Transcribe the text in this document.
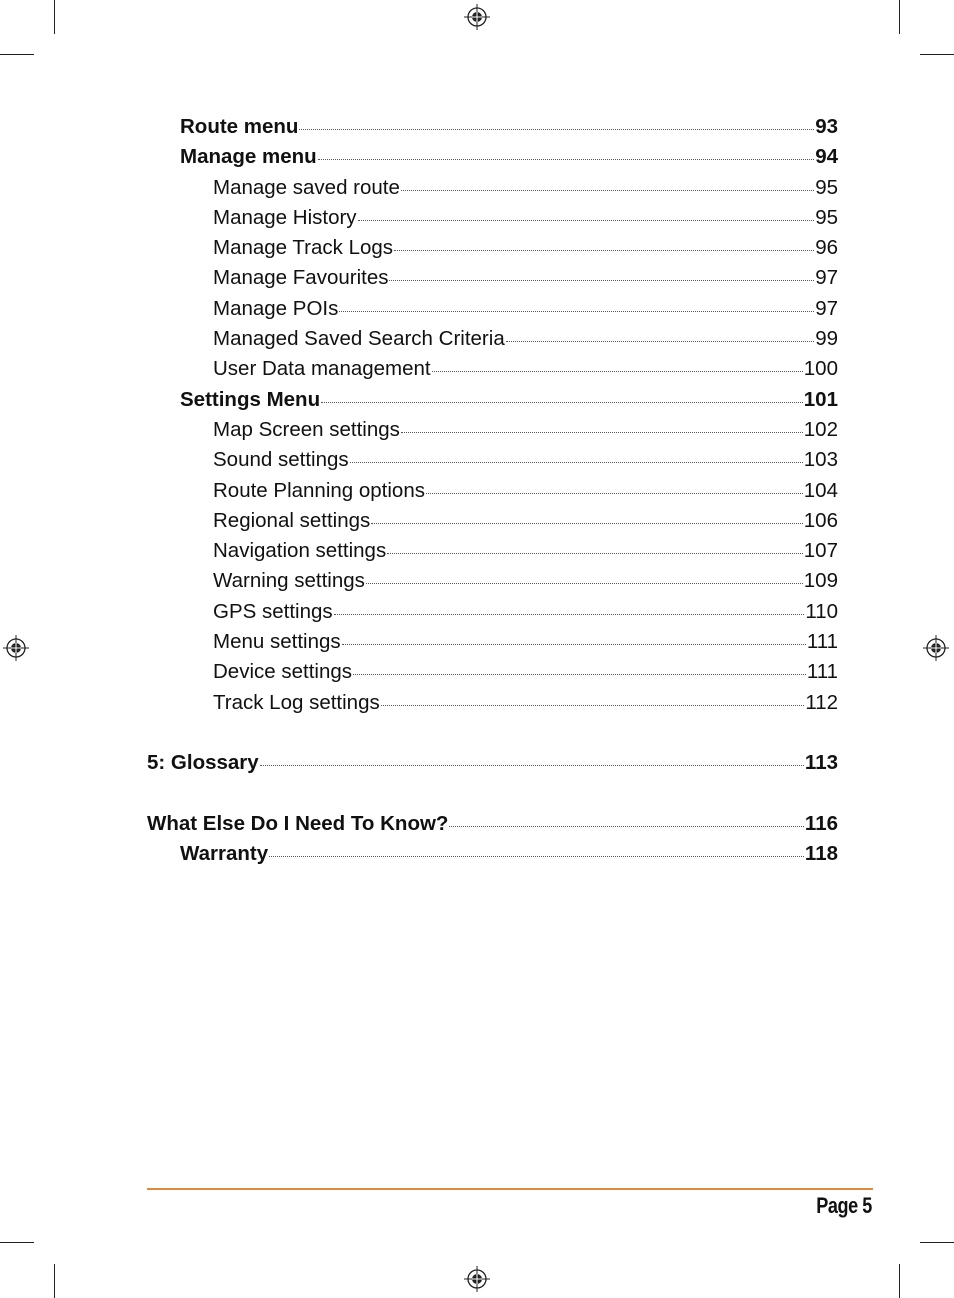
Route menu	93
Manage menu	94
Manage saved route	95
Manage History	95
Manage Track Logs	96
Manage Favourites	97
Manage POIs	97
Managed Saved Search Criteria	99
User Data management	100
Settings Menu	101
Map Screen settings	102
Sound settings	103
Route Planning options	104
Regional settings	106
Navigation settings	107
Warning settings	109
GPS settings	110
Menu settings	111
Device settings	111
Track Log settings	112
5: Glossary	113
What Else Do I Need To Know?	116
Warranty	118
Page 5
